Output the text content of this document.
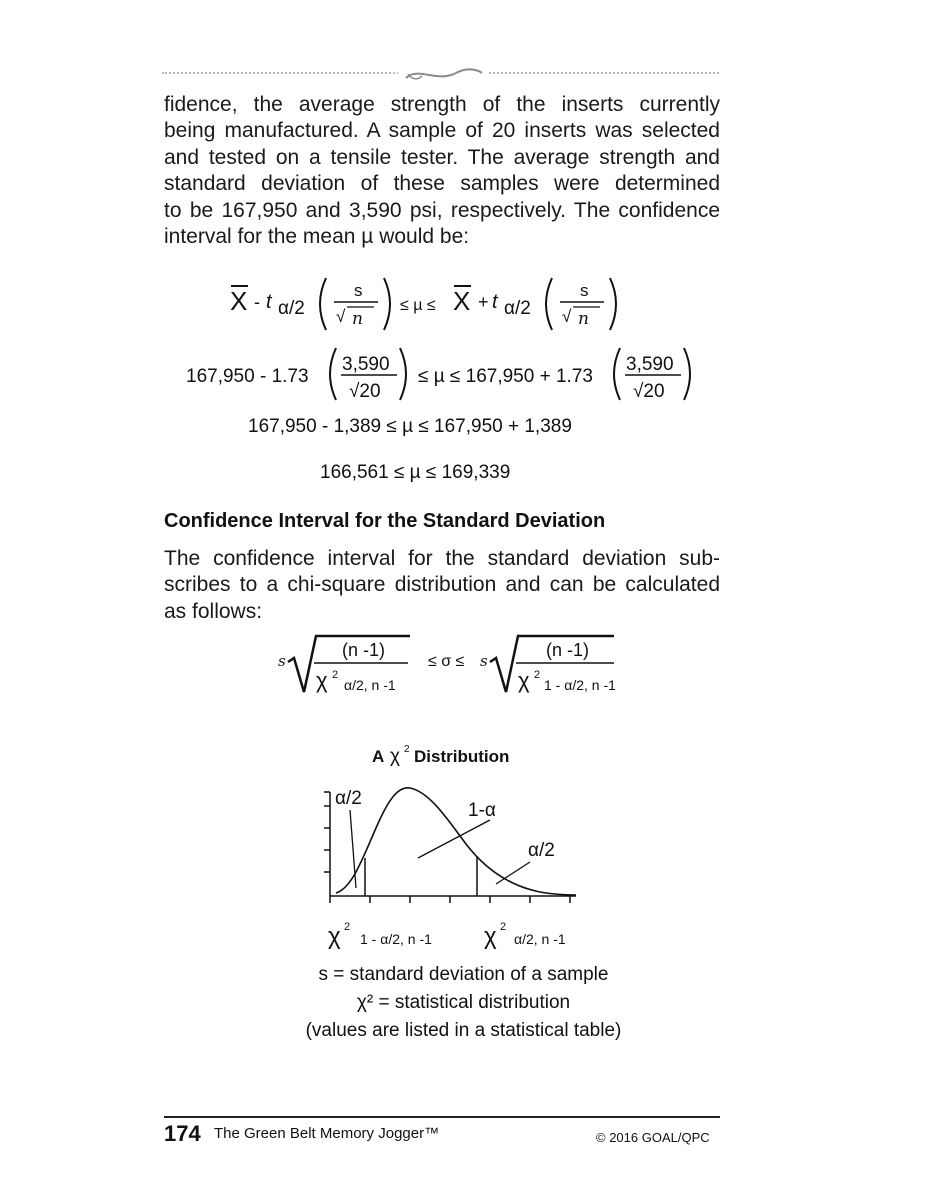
fidence, the average strength of the inserts currently
being manufactured. A sample of 20 inserts was selected
and tested on a tensile tester. The average strength and
standard deviation of these samples were determined
to be 167,950 and 3,590 psi, respectively. The confidence
interval for the mean µ would be:
X - t α/2
s
√ n
≤ µ ≤ X + t α/2
s
√ n
167,950 - 1.73
3,590
√20
≤ µ ≤ 167,950 + 1.73
3,590
√20
167,950 - 1,389 ≤ µ ≤ 167,950 + 1,389
166,561 ≤ µ ≤ 169,339
Confidence Interval for the Standard Deviation
The confidence interval for the standard deviation sub-
scribes to a chi-square distribution and can be calculated
as follows:
s
(n -1)
χ 2
α/2, n -1
≤ σ ≤ s
(n -1)
χ 2
1 - α/2, n -1
A χ 2 Distribution
α/2
1-α
α/2
χ 2
1 - α/2, n -1 χ 2
α/2, n -1
s = standard deviation of a sample
χ² = statistical distribution
(values are listed in a statistical table)
174 The Green Belt Memory Jogger™	© 2016 GOAL/QPC
